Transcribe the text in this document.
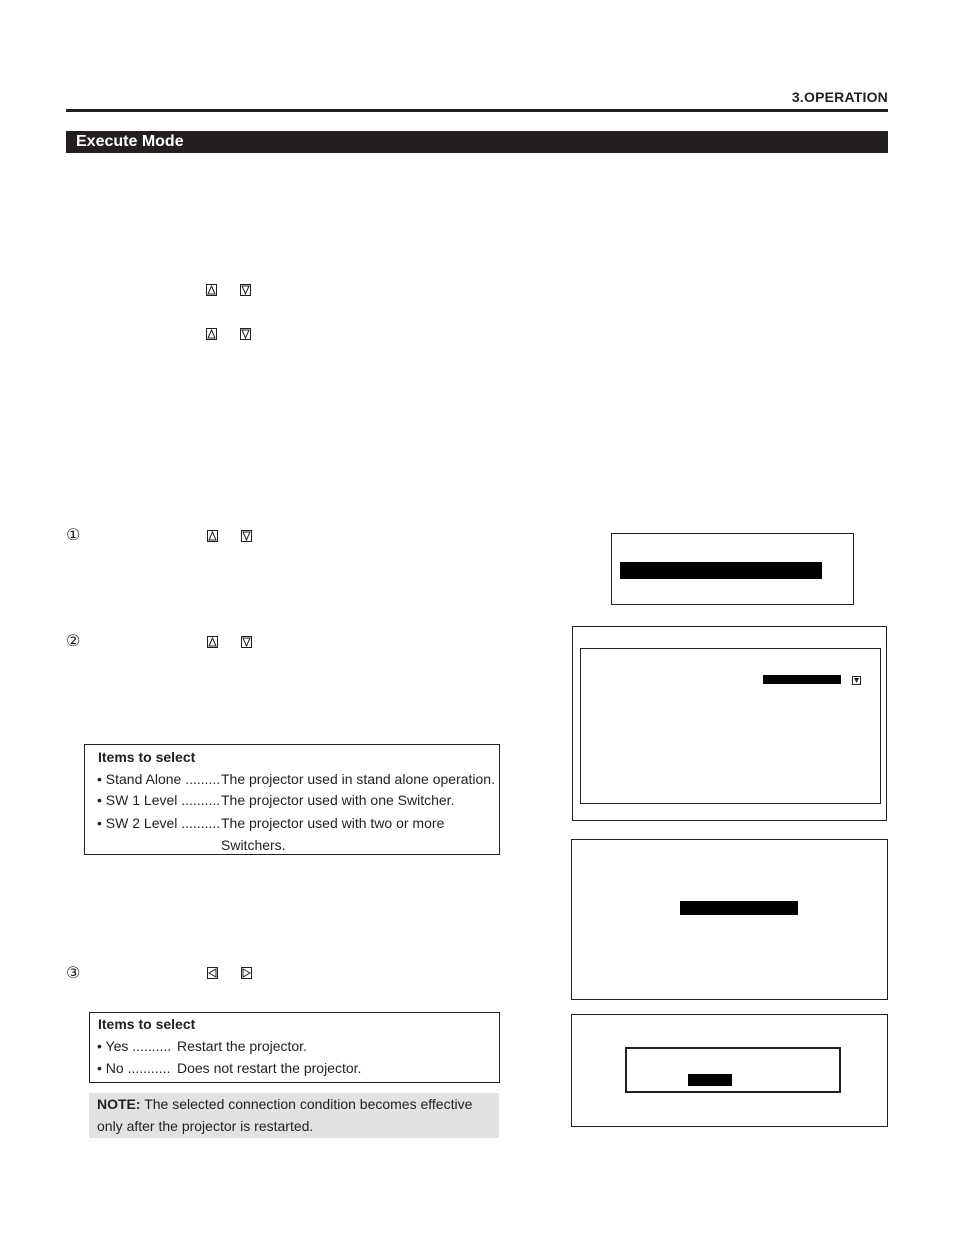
3.OPERATION
Execute Mode
①
②
Items to select
• Stand Alone ......... The projector used in stand alone operation.
• SW 1 Level .......... The projector used with one Switcher.
• SW 2 Level .......... The projector used with two or more
Switchers.
③
Items to select
• Yes .......... Restart the projector.
• No ........... Does not restart the projector.

NOTE: The selected connection condition becomes effective

only after the projector is restarted.
